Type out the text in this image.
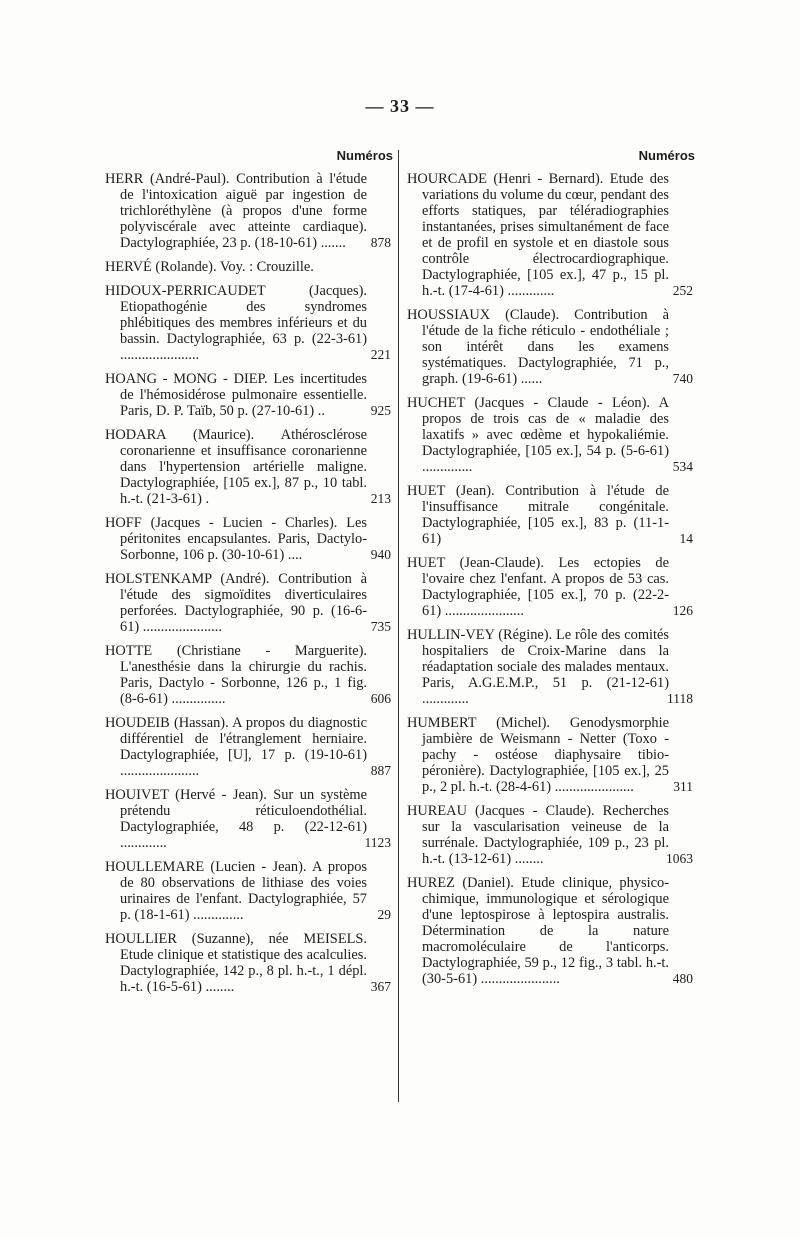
— 33 —
Numéros
HERR (André-Paul). Contribution à l'étude de l'intoxication aiguë par ingestion de trichloréthylène (à propos d'une forme polyviscérale avec atteinte cardiaque). Dactylographiée, 23 p. (18-10-61) ....... 878
HERVÉ (Rolande). Voy. : Crouzille.
HIDOUX-PERRICAUDET (Jacques). Etiopathogénie des syndromes phlébitiques des membres inférieurs et du bassin. Dactylographiée, 63 p. (22-3-61) ......................	221
HOANG - MONG - DIEP. Les incertitudes de l'hémosidérose pulmonaire essentielle. Paris, D. P. Taïb, 50 p. (27-10-61) ..	925
HODARA (Maurice). Athérosclérose coronarienne et insuffisance coronarienne dans l'hypertension artérielle maligne. Dactylographiée, [105 ex.], 87 p., 10 tabl. h.-t. (21-3-61) .	213
HOFF (Jacques - Lucien - Charles). Les péritonites encapsulantes. Paris, Dactylo-Sorbonne, 106 p. (30-10-61) ....	940
HOLSTENKAMP (André). Contribution à l'étude des sigmoïdites diverticulaires perforées. Dactylographiée, 90 p. (16-6-61) ......................	735
HOTTE (Christiane - Marguerite). L'anesthésie dans la chirurgie du rachis. Paris, Dactylo - Sorbonne, 126 p., 1 fig. (8-6-61) ...............	606
HOUDEIB (Hassan). A propos du diagnostic différentiel de l'étranglement herniaire. Dactylographiée, [U], 17 p. (19-10-61) ......................	887
HOUIVET (Hervé - Jean). Sur un système prétendu réticuloendothélial. Dactylographiée, 48 p. (22-12-61) .............	1123
HOULLEMARE (Lucien - Jean). A propos de 80 observations de lithiase des voies urinaires de l'enfant. Dactylographiée, 57 p. (18-1-61) ..............	29
HOULLIER (Suzanne), née MEISELS. Etude clinique et statistique des acalculies. Dactylographiée, 142 p., 8 pl. h.-t., 1 dépl. h.-t. (16-5-61) ........	367
Numéros
HOURCADE (Henri - Bernard). Etude des variations du volume du cœur, pendant des efforts statiques, par téléradiographies instantanées, prises simultanément de face et de profil en systole et en diastole sous contrôle électrocardiographique. Dactylographiée, [105 ex.], 47 p., 15 pl. h.-t. (17-4-61) .............	252
HOUSSIAUX (Claude). Contribution à l'étude de la fiche réticulo - endothéliale ; son intérêt dans les examens systématiques. Dactylographiée, 71 p., graph. (19-6-61) ......	740
HUCHET (Jacques - Claude - Léon). A propos de trois cas de « maladie des laxatifs » avec œdème et hypokaliémie. Dactylographiée, [105 ex.], 54 p. (5-6-61) ..............	534
HUET (Jean). Contribution à l'étude de l'insuffisance mitrale congénitale. Dactylographiée, [105 ex.], 83 p. (11-1-61)	14
HUET (Jean-Claude). Les ectopies de l'ovaire chez l'enfant. A propos de 53 cas. Dactylographiée, [105 ex.], 70 p. (22-2-61) ......................	126
HULLIN-VEY (Régine). Le rôle des comités hospitaliers de Croix-Marine dans la réadaptation sociale des malades mentaux. Paris, A.G.E.M.P., 51 p. (21-12-61) .............	1118
HUMBERT (Michel). Genodysmorphie jambière de Weismann - Netter (Toxo - pachy - ostéose diaphysaire tibio-péronière). Dactylographiée, [105 ex.], 25 p., 2 pl. h.-t. (28-4-61) ......................	311
HUREAU (Jacques - Claude). Recherches sur la vascularisation veineuse de la surrénale. Dactylographiée, 109 p., 23 pl. h.-t. (13-12-61) ........	1063
HUREZ (Daniel). Etude clinique, physico-chimique, immunologique et sérologique d'une leptospirose à leptospira australis. Détermination de la nature macromoléculaire de l'anticorps. Dactylographiée, 59 p., 12 fig., 3 tabl. h.-t. (30-5-61) ......................	480
